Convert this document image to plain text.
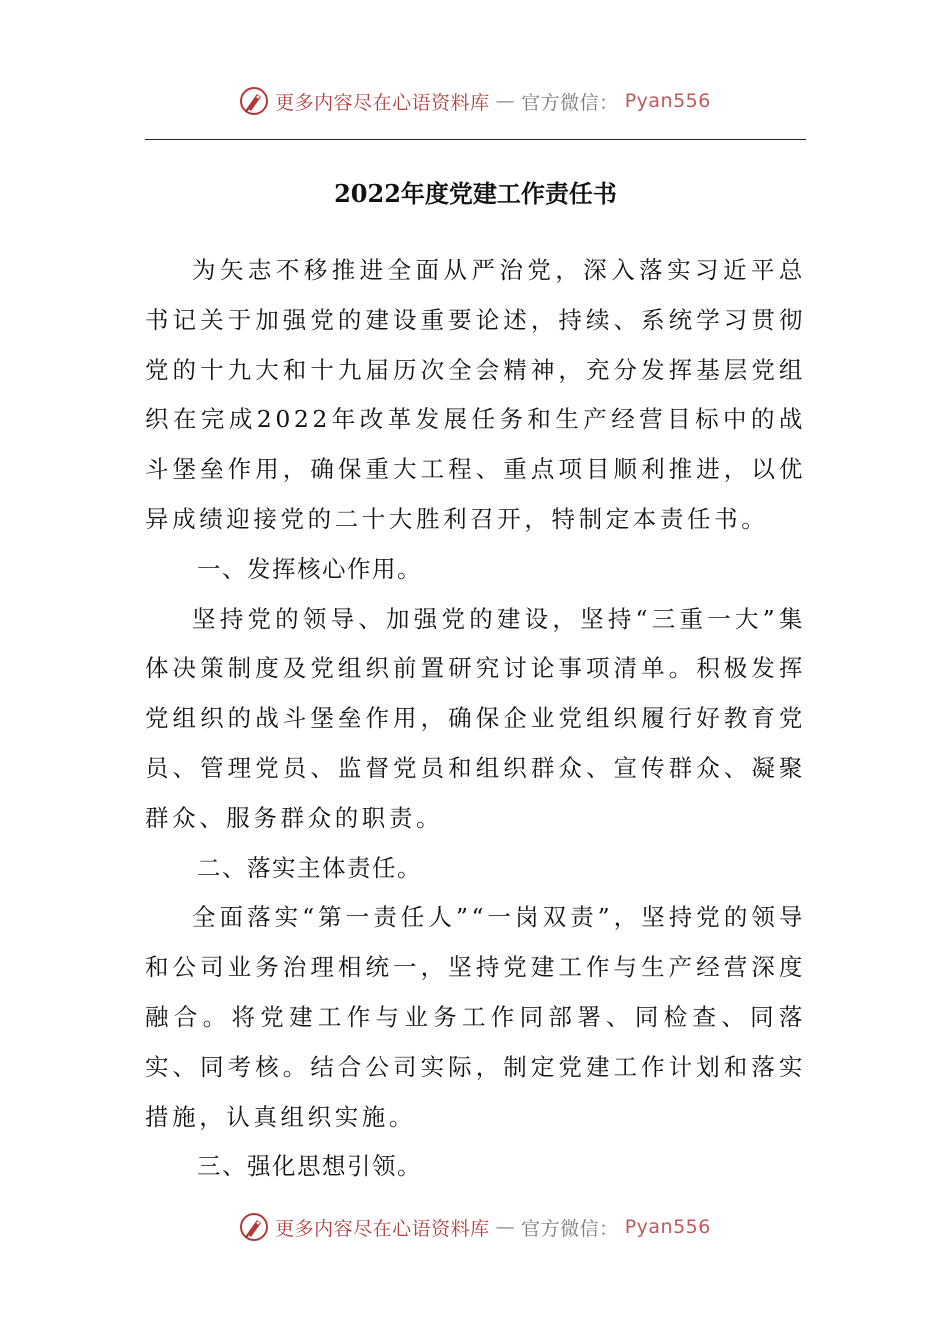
更多内容尽在心语资料库 — 官方微信： Pyan556
2022年度党建工作责任书

为矢志不移推进全面从严治党，深入落实习近平总书记关于加强党的建设重要论述，持续、系统学习贯彻党的十九大和十九届历次全会精神，充分发挥基层党组织在完成2022年改革发展任务和生产经营目标中的战斗堡垒作用，确保重大工程、重点项目顺利推进，以优异成绩迎接党的二十大胜利召开，特制定本责任书。

一、发挥核心作用。

坚持党的领导、加强党的建设，坚持“三重一大”集体决策制度及党组织前置研究讨论事项清单。积极发挥党组织的战斗堡垒作用，确保企业党组织履行好教育党员、管理党员、监督党员和组织群众、宣传群众、凝聚群众、服务群众的职责。

二、落实主体责任。

全面落实“第一责任人”“一岗双责”，坚持党的领导和公司业务治理相统一，坚持党建工作与生产经营深度融合。将党建工作与业务工作同部署、同检查、同落实、同考核。结合公司实际，制定党建工作计划和落实措施，认真组织实施。

三、强化思想引领。

更多内容尽在心语资料库 — 官方微信： Pyan556
